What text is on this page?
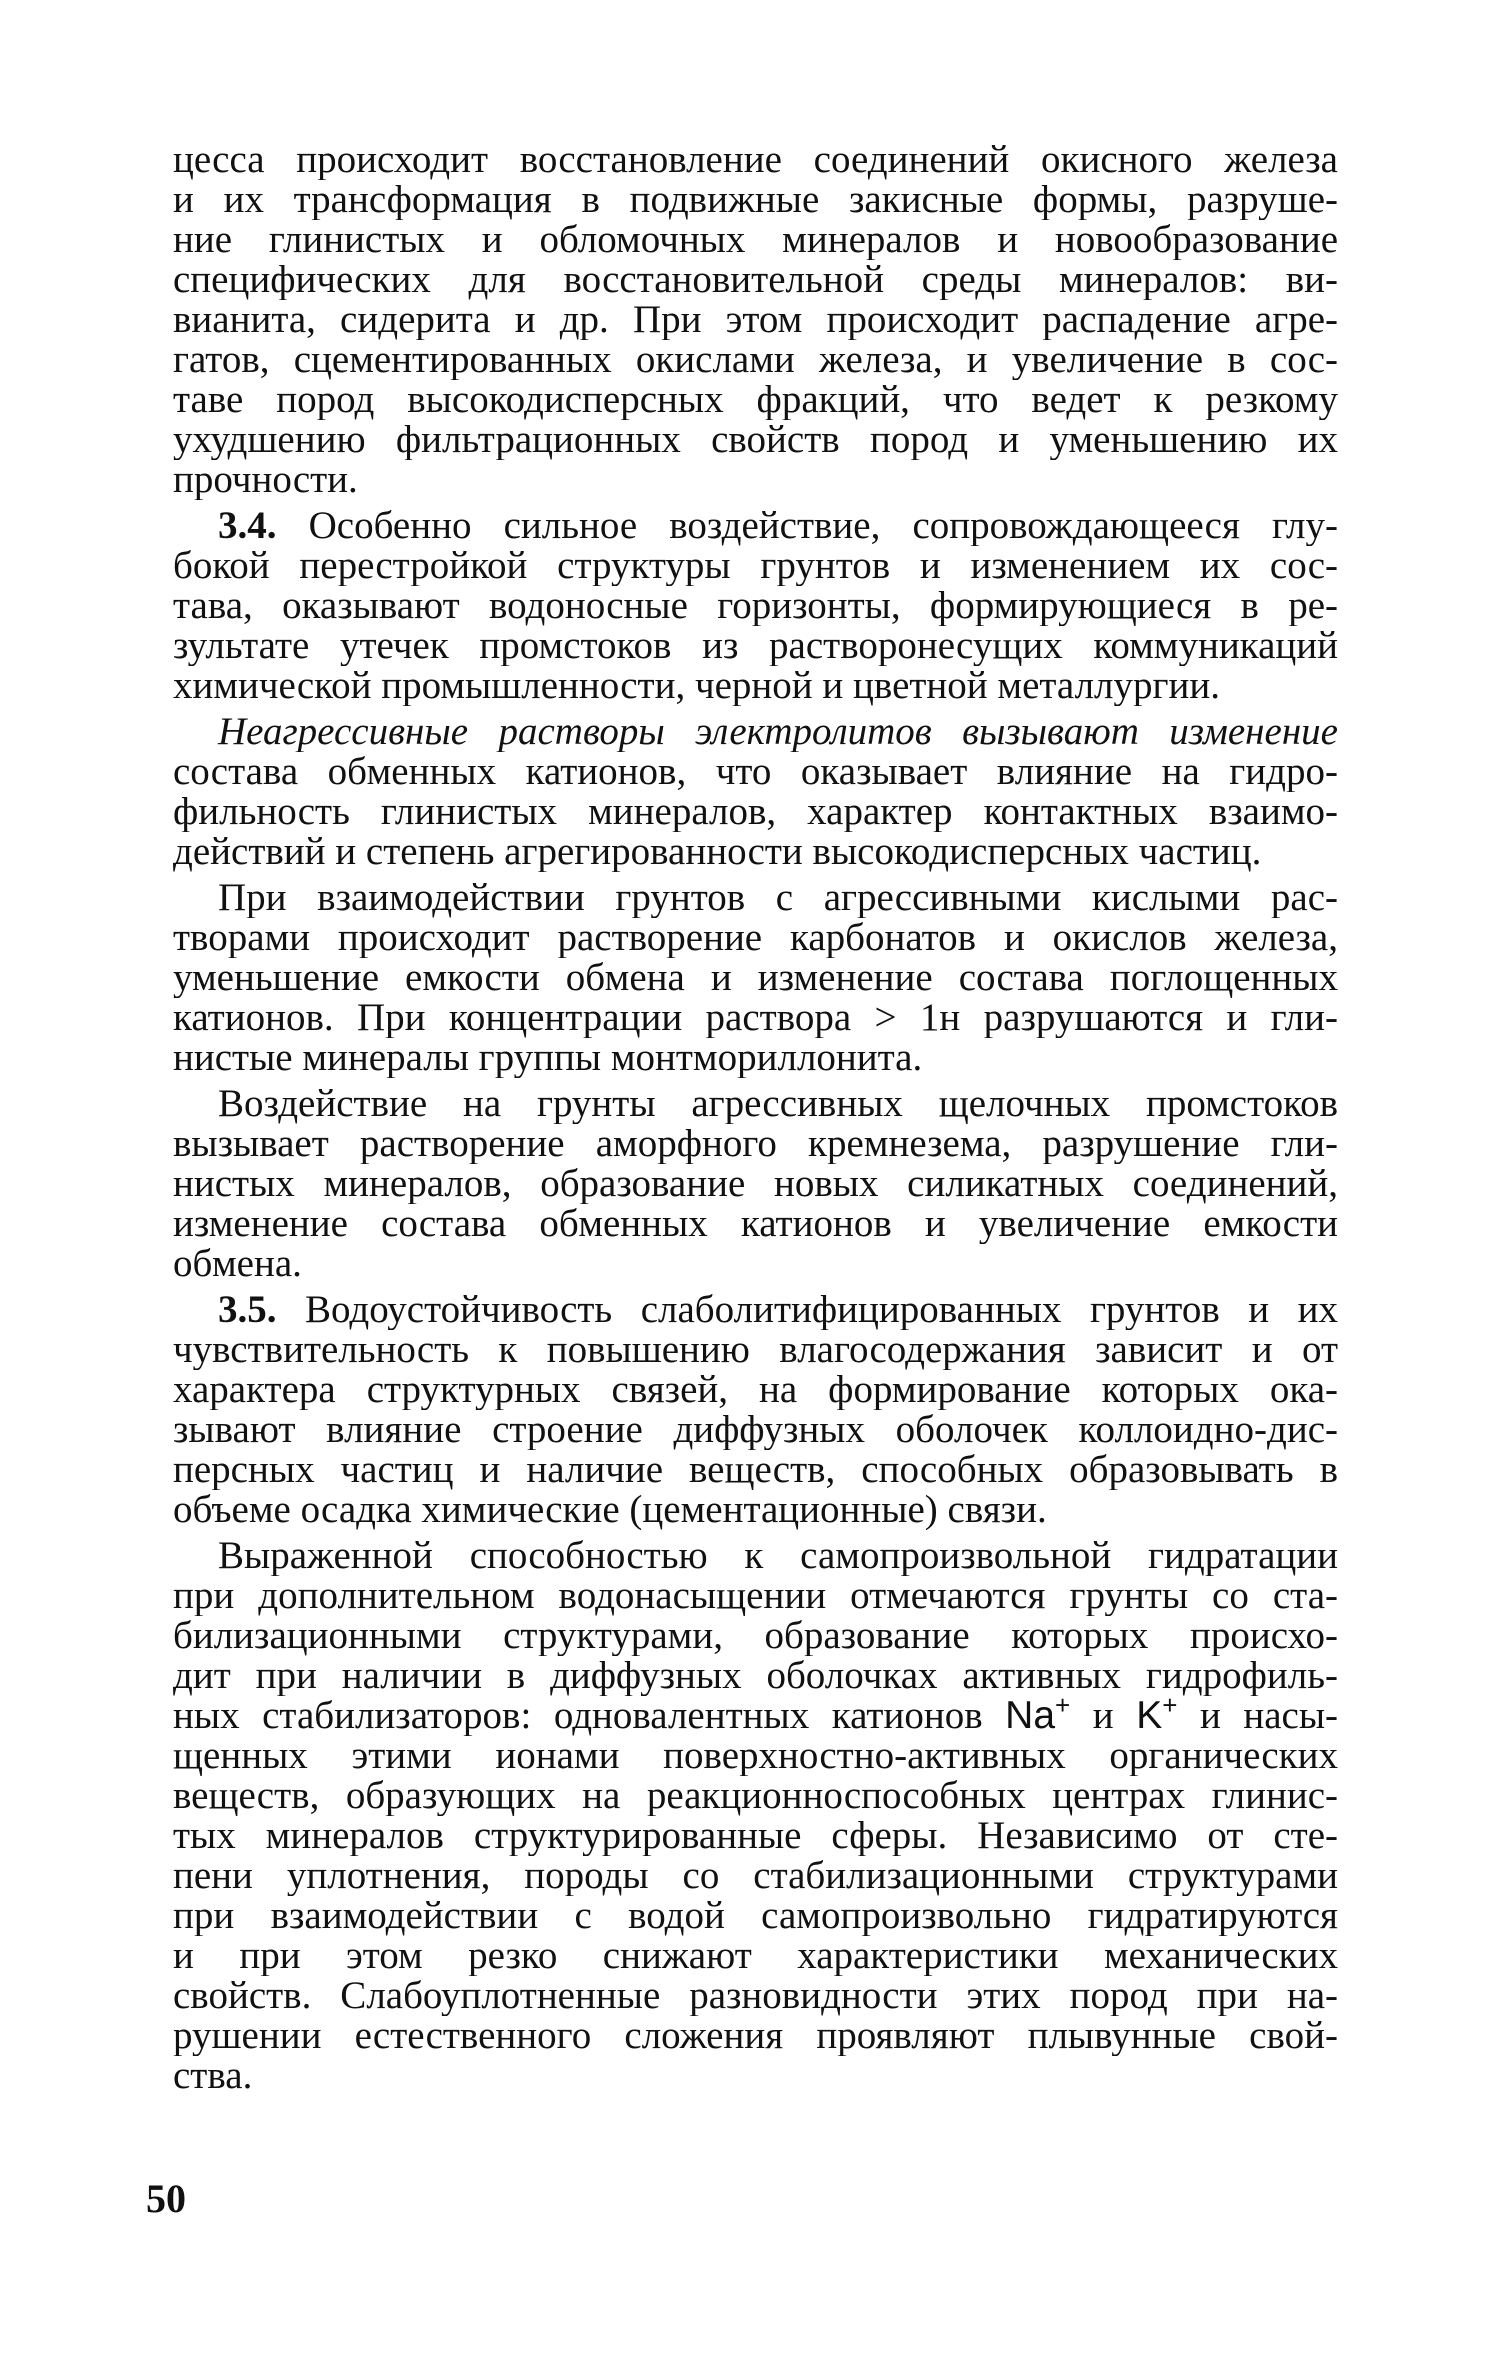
цесса происходит восстановление соединений окисного железа
и их трансформация в подвижные закисные формы, разруше-
ние глинистых и обломочных минералов и новообразование
специфических для восстановительной среды минералов: ви-
вианита, сидерита и др. При этом происходит распадение агре-
гатов, сцементированных окислами железа, и увеличение в сос-
таве пород высокодисперсных фракций, что ведет к резкому
ухудшению фильтрационных свойств пород и уменьшению их
прочности.
3.4. Особенно сильное воздействие, сопровождающееся глу-
бокой перестройкой структуры грунтов и изменением их сос-
тава, оказывают водоносные горизонты, формирующиеся в ре-
зультате утечек промстоков из растворонесущих коммуникаций
химической промышленности, черной и цветной металлургии.
Неагрессивные растворы электролитов вызывают изменение
состава обменных катионов, что оказывает влияние на гидро-
фильность глинистых минералов, характер контактных взаимо-
действий и степень агрегированности высокодисперсных частиц.
При взаимодействии грунтов с агрессивными кислыми рас-
творами происходит растворение карбонатов и окислов железа,
уменьшение емкости обмена и изменение состава поглощенных
катионов. При концентрации раствора > 1н разрушаются и гли-
нистые минералы группы монтмориллонита.
Воздействие на грунты агрессивных щелочных промстоков
вызывает растворение аморфного кремнезема, разрушение гли-
нистых минералов, образование новых силикатных соединений,
изменение состава обменных катионов и увеличение емкости
обмена.
3.5. Водоустойчивость слаболитифицированных грунтов и их
чувствительность к повышению влагосодержания зависит и от
характера структурных связей, на формирование которых ока-
зывают влияние строение диффузных оболочек коллоидно-дис-
персных частиц и наличие веществ, способных образовывать в
объеме осадка химические (цементационные) связи.
Выраженной способностью к самопроизвольной гидратации
при дополнительном водонасыщении отмечаются грунты со ста-
билизационными структурами, образование которых происхо-
дит при наличии в диффузных оболочках активных гидрофиль-
ных стабилизаторов: одновалентных катионов Na+ и K+ и насы-
щенных этими ионами поверхностно-активных органических
веществ, образующих на реакционноспособных центрах глинис-
тых минералов структурированные сферы. Независимо от сте-
пени уплотнения, породы со стабилизационными структурами
при взаимодействии с водой самопроизвольно гидратируются
и при этом резко снижают характеристики механических
свойств. Слабоуплотненные разновидности этих пород при на-
рушении естественного сложения проявляют плывунные свой-
ства.
50
